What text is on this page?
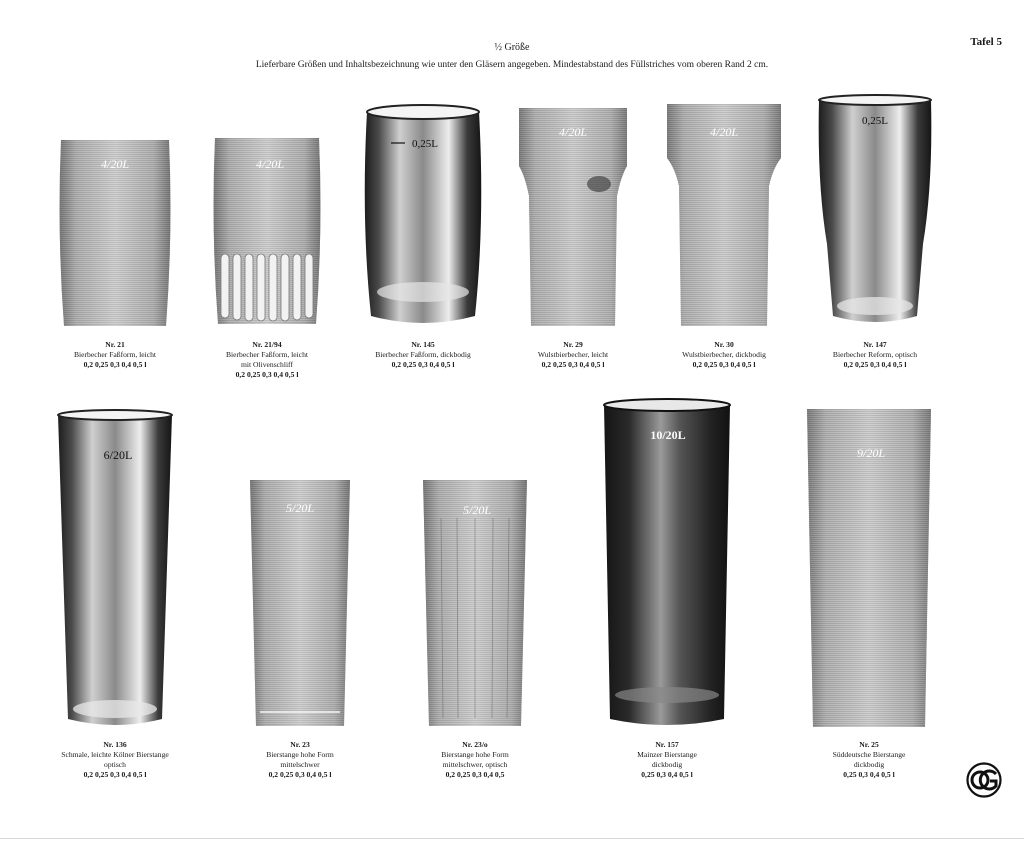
Tafel 5
½ Größe
Lieferbare Größen und Inhaltsbezeichnung wie unter den Gläsern angegeben. Mindestabstand des Füllstriches vom oberen Rand 2 cm.
4/20L	4/20L
0,25L
4/20L	4/20L
0,25L
6/20L
5/20L	5/20L
10/20L
9/20L
Nr. 21
Bierbecher Faßform, leicht
0,2 0,25 0,3 0,4 0,5 l
Nr. 21/94
Bierbecher Faßform, leicht
mit Olivenschliff
0,2 0,25 0,3 0,4 0,5 l
Nr. 145
Bierbecher Faßform, dickbodig
0,2 0,25 0,3 0,4 0,5 l
Nr. 29
Wulstbierbecher, leicht
0,2 0,25 0,3 0,4 0,5 l
Nr. 30
Wulstbierbecher, dickbodig
0,2 0,25 0,3 0,4 0,5 l
Nr. 147
Bierbecher Reform, optisch
0,2 0,25 0,3 0,4 0,5 l
Nr. 136
Schmale, leichte Kölner Bierstange
optisch
0,2 0,25 0,3 0,4 0,5 l
Nr. 23
Bierstange hohe Form
mittelschwer
0,2 0,25 0,3 0,4 0,5 l
Nr. 23/o
Bierstange hohe Form
mittelschwer, optisch
0,2 0,25 0,3 0,4 0,5
Nr. 157
Mainzer Bierstange
dickbodig
0,25 0,3 0,4 0,5 l
Nr. 25
Süddeutsche Bierstange
dickbodig
0,25 0,3 0,4 0,5 l
